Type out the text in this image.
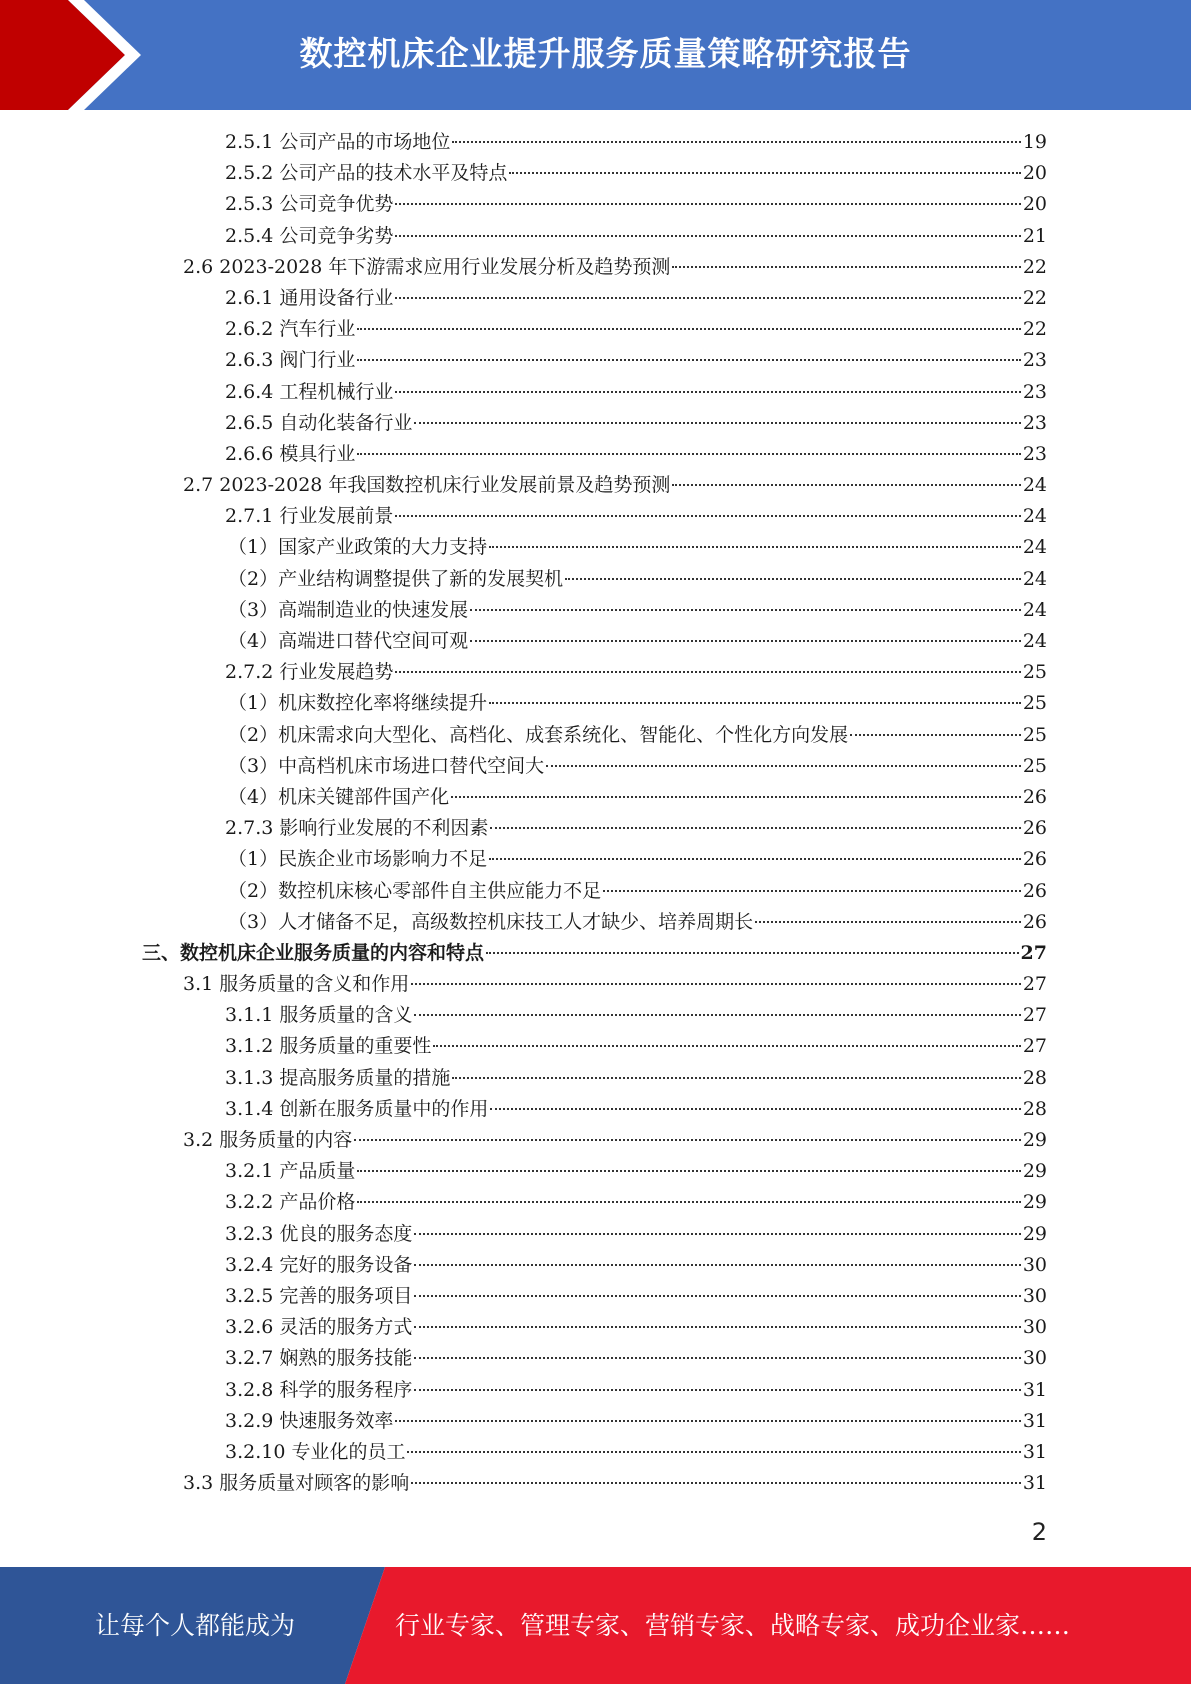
数控机床企业提升服务质量策略研究报告
2.5.1 公司产品的市场地位	19
2.5.2 公司产品的技术水平及特点	20
2.5.3 公司竞争优势	20
2.5.4 公司竞争劣势	21
2.6 2023-2028 年下游需求应用行业发展分析及趋势预测	22
2.6.1 通用设备行业	22
2.6.2 汽车行业	22
2.6.3 阀门行业	23
2.6.4 工程机械行业	23
2.6.5 自动化装备行业	23
2.6.6 模具行业	23
2.7 2023-2028 年我国数控机床行业发展前景及趋势预测	24
2.7.1 行业发展前景	24
（1）国家产业政策的大力支持	24
（2）产业结构调整提供了新的发展契机	24
（3）高端制造业的快速发展	24
（4）高端进口替代空间可观	24
2.7.2 行业发展趋势	25
（1）机床数控化率将继续提升	25
（2）机床需求向大型化、高档化、成套系统化、智能化、个性化方向发展	25
（3）中高档机床市场进口替代空间大	25
（4）机床关键部件国产化	26
2.7.3 影响行业发展的不利因素	26
（1）民族企业市场影响力不足	26
（2）数控机床核心零部件自主供应能力不足	26
（3）人才储备不足，高级数控机床技工人才缺少、培养周期长	26
三、数控机床企业服务质量的内容和特点	27
3.1 服务质量的含义和作用	27
3.1.1 服务质量的含义	27
3.1.2 服务质量的重要性	27
3.1.3 提高服务质量的措施	28
3.1.4 创新在服务质量中的作用	28
3.2 服务质量的内容	29
3.2.1 产品质量	29
3.2.2 产品价格	29
3.2.3 优良的服务态度	29
3.2.4 完好的服务设备	30
3.2.5 完善的服务项目	30
3.2.6 灵活的服务方式	30
3.2.7 娴熟的服务技能	30
3.2.8 科学的服务程序	31
3.2.9 快速服务效率	31
3.2.10 专业化的员工	31
3.3 服务质量对顾客的影响	31
2
让每个人都能成为	行业专家、管理专家、营销专家、战略专家、成功企业家……
